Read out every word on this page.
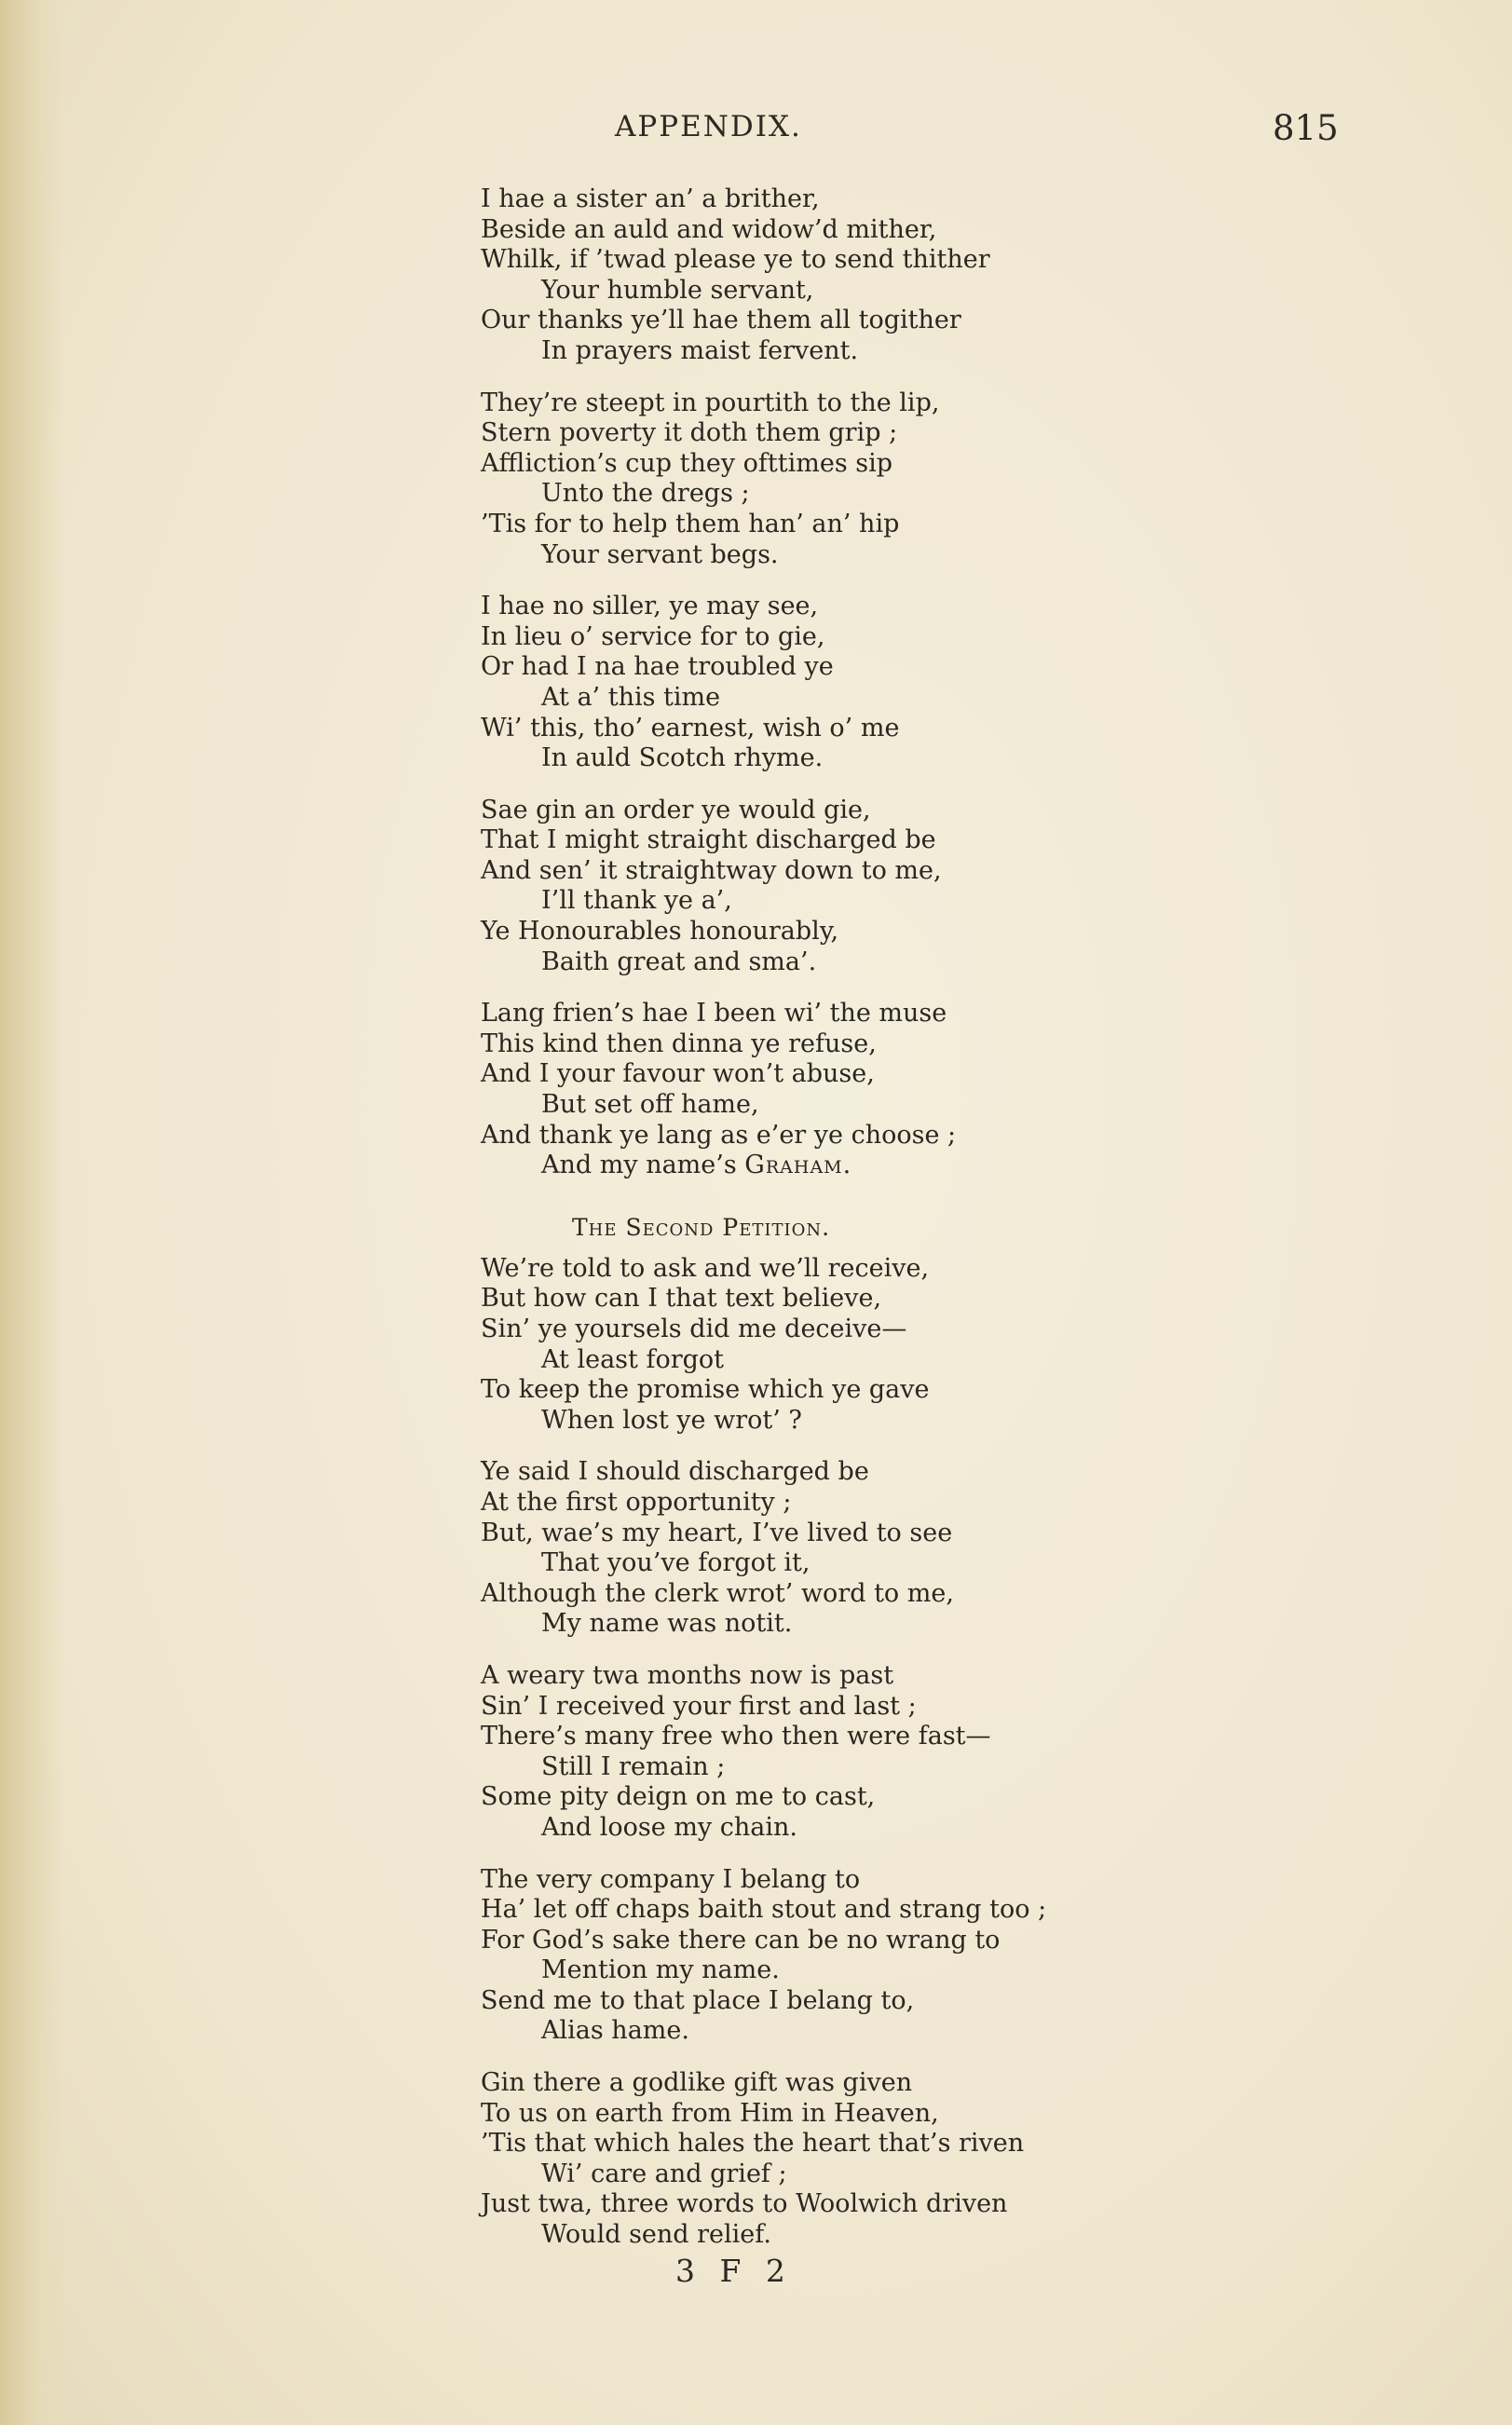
APPENDIX.	815
I hae a sister an’ a brither,
Beside an auld and widow’d mither,
Whilk, if ’twad please ye to send thither
Your humble servant,
Our thanks ye’ll hae them all togither
In prayers maist fervent.
They’re steept in pourtith to the lip,
Stern poverty it doth them grip ;
Affliction’s cup they ofttimes sip
Unto the dregs ;
’Tis for to help them han’ an’ hip
Your servant begs.
I hae no siller, ye may see,
In lieu o’ service for to gie,
Or had I na hae troubled ye
At a’ this time
Wi’ this, tho’ earnest, wish o’ me
In auld Scotch rhyme.
Sae gin an order ye would gie,
That I might straight discharged be
And sen’ it straightway down to me,
I’ll thank ye a’,
Ye Honourables honourably,
Baith great and sma’.
Lang frien’s hae I been wi’ the muse
This kind then dinna ye refuse,
And I your favour won’t abuse,
But set off hame,
And thank ye lang as e’er ye choose ;
And my name’s Graham.
The Second Petition.
We’re told to ask and we’ll receive,
But how can I that text believe,
Sin’ ye yoursels did me deceive—
At least forgot
To keep the promise which ye gave
When lost ye wrot’ ?
Ye said I should discharged be
At the first opportunity ;
But, wae’s my heart, I’ve lived to see
That you’ve forgot it,
Although the clerk wrot’ word to me,
My name was notit.
A weary twa months now is past
Sin’ I received your first and last ;
There’s many free who then were fast—
Still I remain ;
Some pity deign on me to cast,
And loose my chain.
The very company I belang to
Ha’ let off chaps baith stout and strang too ;
For God’s sake there can be no wrang to
Mention my name.
Send me to that place I belang to,
Alias hame.
Gin there a godlike gift was given
To us on earth from Him in Heaven,
’Tis that which hales the heart that’s riven
Wi’ care and grief ;
Just twa, three words to Woolwich driven
Would send relief.
3 F 2
